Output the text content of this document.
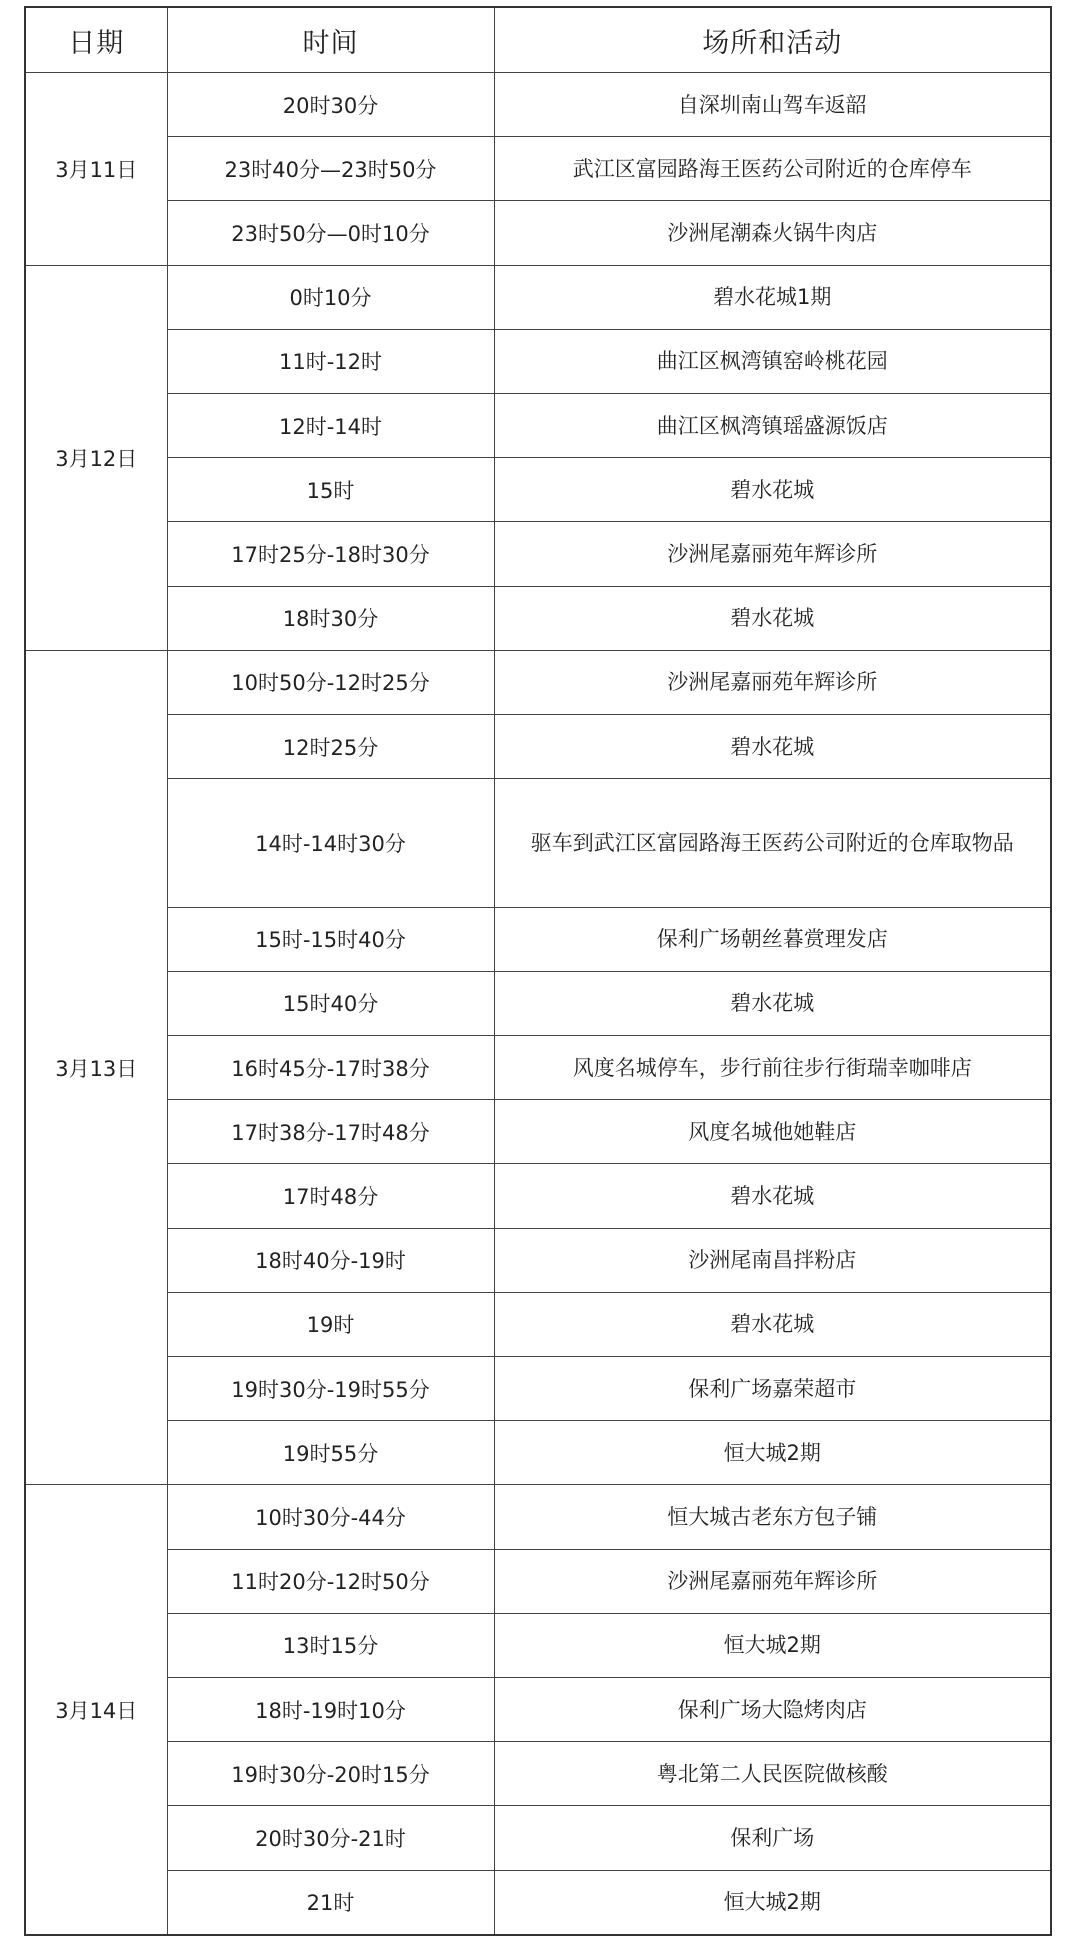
日期	时间	场所和活动
3月11日	20时30分	自深圳南山驾车返韶
	23时40分—23时50分	武江区富园路海王医药公司附近的仓库停车
	23时50分—0时10分	沙洲尾潮森火锅牛肉店
3月12日	0时10分	碧水花城1期
	11时-12时	曲江区枫湾镇窑岭桃花园
	12时-14时	曲江区枫湾镇瑶盛源饭店
	15时	碧水花城
	17时25分-18时30分	沙洲尾嘉丽苑年辉诊所
	18时30分	碧水花城
3月13日	10时50分-12时25分	沙洲尾嘉丽苑年辉诊所
	12时25分	碧水花城
	14时-14时30分	驱车到武江区富园路海王医药公司附近的仓库取物品
	15时-15时40分	保利广场朝丝暮赏理发店
	15时40分	碧水花城
	16时45分-17时38分	风度名城停车，步行前往步行街瑞幸咖啡店
	17时38分-17时48分	风度名城他她鞋店
	17时48分	碧水花城
	18时40分-19时	沙洲尾南昌拌粉店
	19时	碧水花城
	19时30分-19时55分	保利广场嘉荣超市
	19时55分	恒大城2期
3月14日	10时30分-44分	恒大城古老东方包子铺
	11时20分-12时50分	沙洲尾嘉丽苑年辉诊所
	13时15分	恒大城2期
	18时-19时10分	保利广场大隐烤肉店
	19时30分-20时15分	粤北第二人民医院做核酸
	20时30分-21时	保利广场
	21时	恒大城2期
